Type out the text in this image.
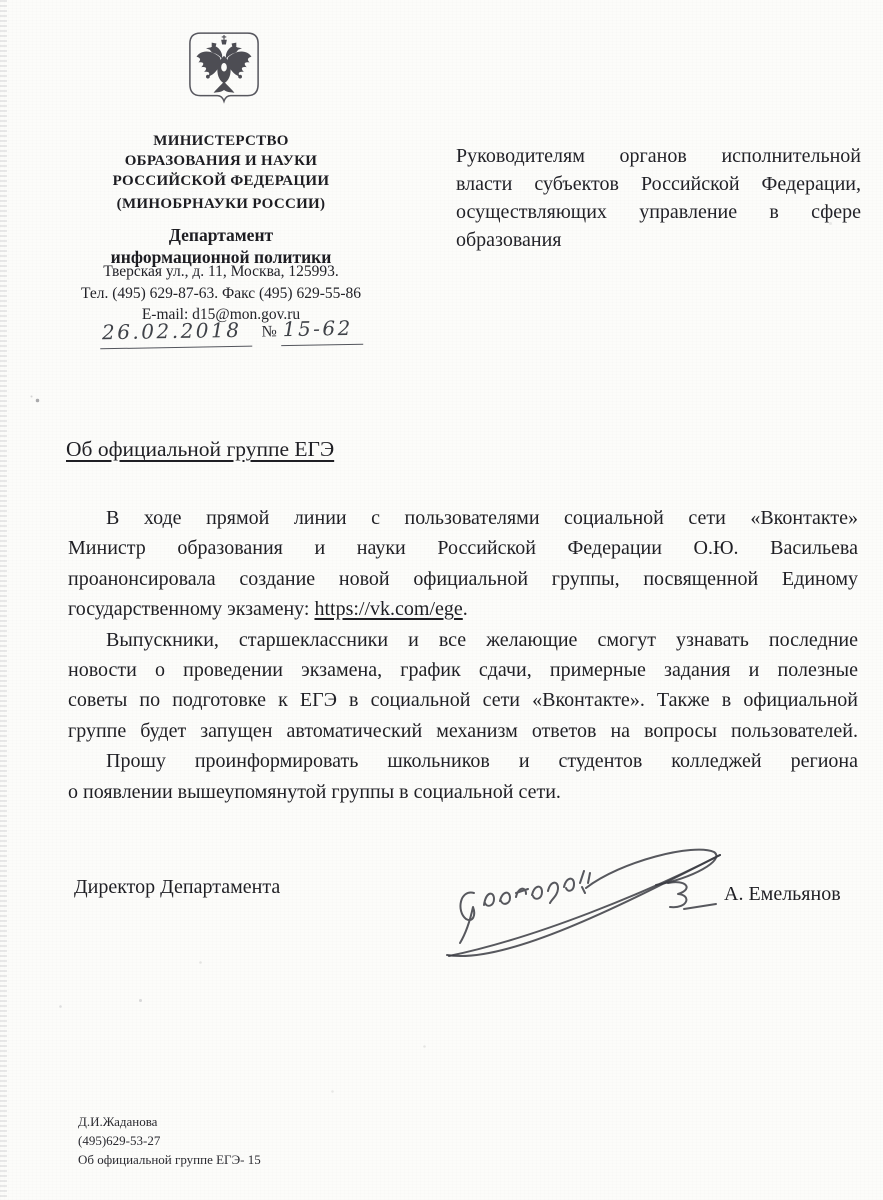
МИНИСТЕРСТВО
ОБРАЗОВАНИЯ И НАУКИ
РОССИЙСКОЙ ФЕДЕРАЦИИ
(МИНОБРНАУКИ РОССИИ)
Департамент
информационной политики
Тверская ул., д. 11, Москва, 125993.
Тел. (495) 629-87-63. Факс (495) 629-55-86
E-mail: d15@mon.gov.ru
26.02.2018	№ 15-62
Руководителям органов исполнительной
власти субъектов Российской Федерации,
осуществляющих управление в сфере
образования
Об официальной группе ЕГЭ
В ходе прямой линии с пользователями социальной сети «Вконтакте»
Министр образования и науки Российской Федерации О.Ю. Васильева
проанонсировала создание новой официальной группы, посвященной Единому
государственному экзамену: https://vk.com/ege.
Выпускники, старшеклассники и все желающие смогут узнавать последние
новости о проведении экзамена, график сдачи, примерные задания и полезные
советы по подготовке к ЕГЭ в социальной сети «Вконтакте». Также в официальной
группе будет запущен автоматический механизм ответов на вопросы пользователей.
Прошу проинформировать школьников и студентов колледжей региона
о появлении вышеупомянутой группы в социальной сети.
Директор Департамента	А. Емельянов
Д.И.Жаданова
(495)629-53-27
Об официальной группе ЕГЭ- 15
